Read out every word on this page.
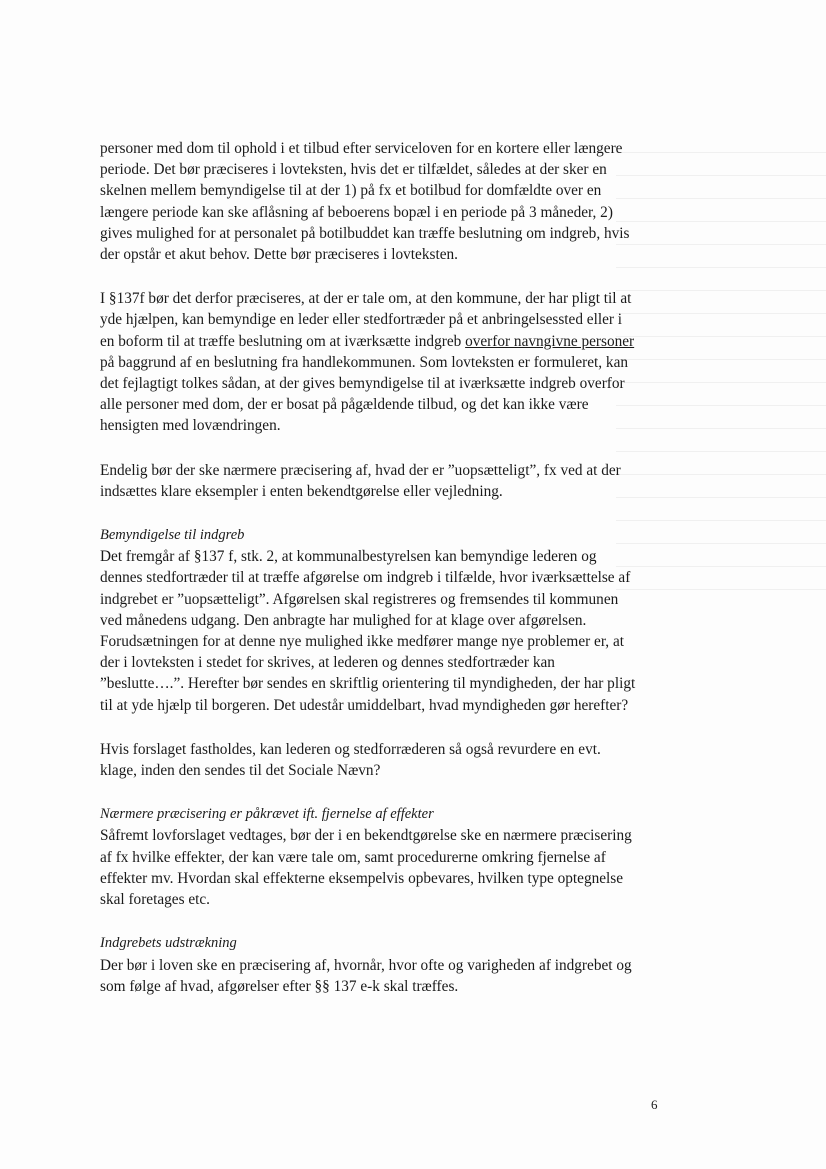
personer med dom til ophold i et tilbud efter serviceloven for en kortere eller længere periode. Det bør præciseres i lovteksten, hvis det er tilfældet, således at der sker en skelnen mellem bemyndigelse til at der 1) på fx et botilbud for domfældte over en længere periode kan ske aflåsning af beboerens bopæl i en periode på 3 måneder, 2) gives mulighed for at personalet på botilbuddet kan træffe beslutning om indgreb, hvis der opstår et akut behov. Dette bør præciseres i lovteksten.

I §137f bør det derfor præciseres, at der er tale om, at den kommune, der har pligt til at yde hjælpen, kan bemyndige en leder eller stedfortræder på et anbringelsessted eller i en boform til at træffe beslutning om at iværksætte indgreb overfor navngivne personer på baggrund af en beslutning fra handlekommunen. Som lovteksten er formuleret, kan det fejlagtigt tolkes sådan, at der gives bemyndigelse til at iværksætte indgreb overfor alle personer med dom, der er bosat på pågældende tilbud, og det kan ikke være hensigten med lovændringen.

Endelig bør der ske nærmere præcisering af, hvad der er ”uopsætteligt”, fx ved at der indsættes klare eksempler i enten bekendtgørelse eller vejledning.

Bemyndigelse til indgreb

Det fremgår af §137 f, stk. 2, at kommunalbestyrelsen kan bemyndige lederen og dennes stedfortræder til at træffe afgørelse om indgreb i tilfælde, hvor iværksættelse af indgrebet er ”uopsætteligt”. Afgørelsen skal registreres og fremsendes til kommunen ved månedens udgang. Den anbragte har mulighed for at klage over afgørelsen. Forudsætningen for at denne nye mulighed ikke medfører mange nye problemer er, at der i lovteksten i stedet for skrives, at lederen og dennes stedfortræder kan ”beslutte….”. Herefter bør sendes en skriftlig orientering til myndigheden, der har pligt til at yde hjælp til borgeren. Det udestår umiddelbart, hvad myndigheden gør herefter?

Hvis forslaget fastholdes, kan lederen og stedforræderen så også revurdere en evt. klage, inden den sendes til det Sociale Nævn?

Nærmere præcisering er påkrævet ift. fjernelse af effekter

Såfremt lovforslaget vedtages, bør der i en bekendtgørelse ske en nærmere præcisering af fx hvilke effekter, der kan være tale om, samt procedurerne omkring fjernelse af effekter mv. Hvordan skal effekterne eksempelvis opbevares, hvilken type optegnelse skal foretages etc.

Indgrebets udstrækning

Der bør i loven ske en præcisering af, hvornår, hvor ofte og varigheden af indgrebet og som følge af hvad, afgørelser efter §§ 137 e-k skal træffes.

6
